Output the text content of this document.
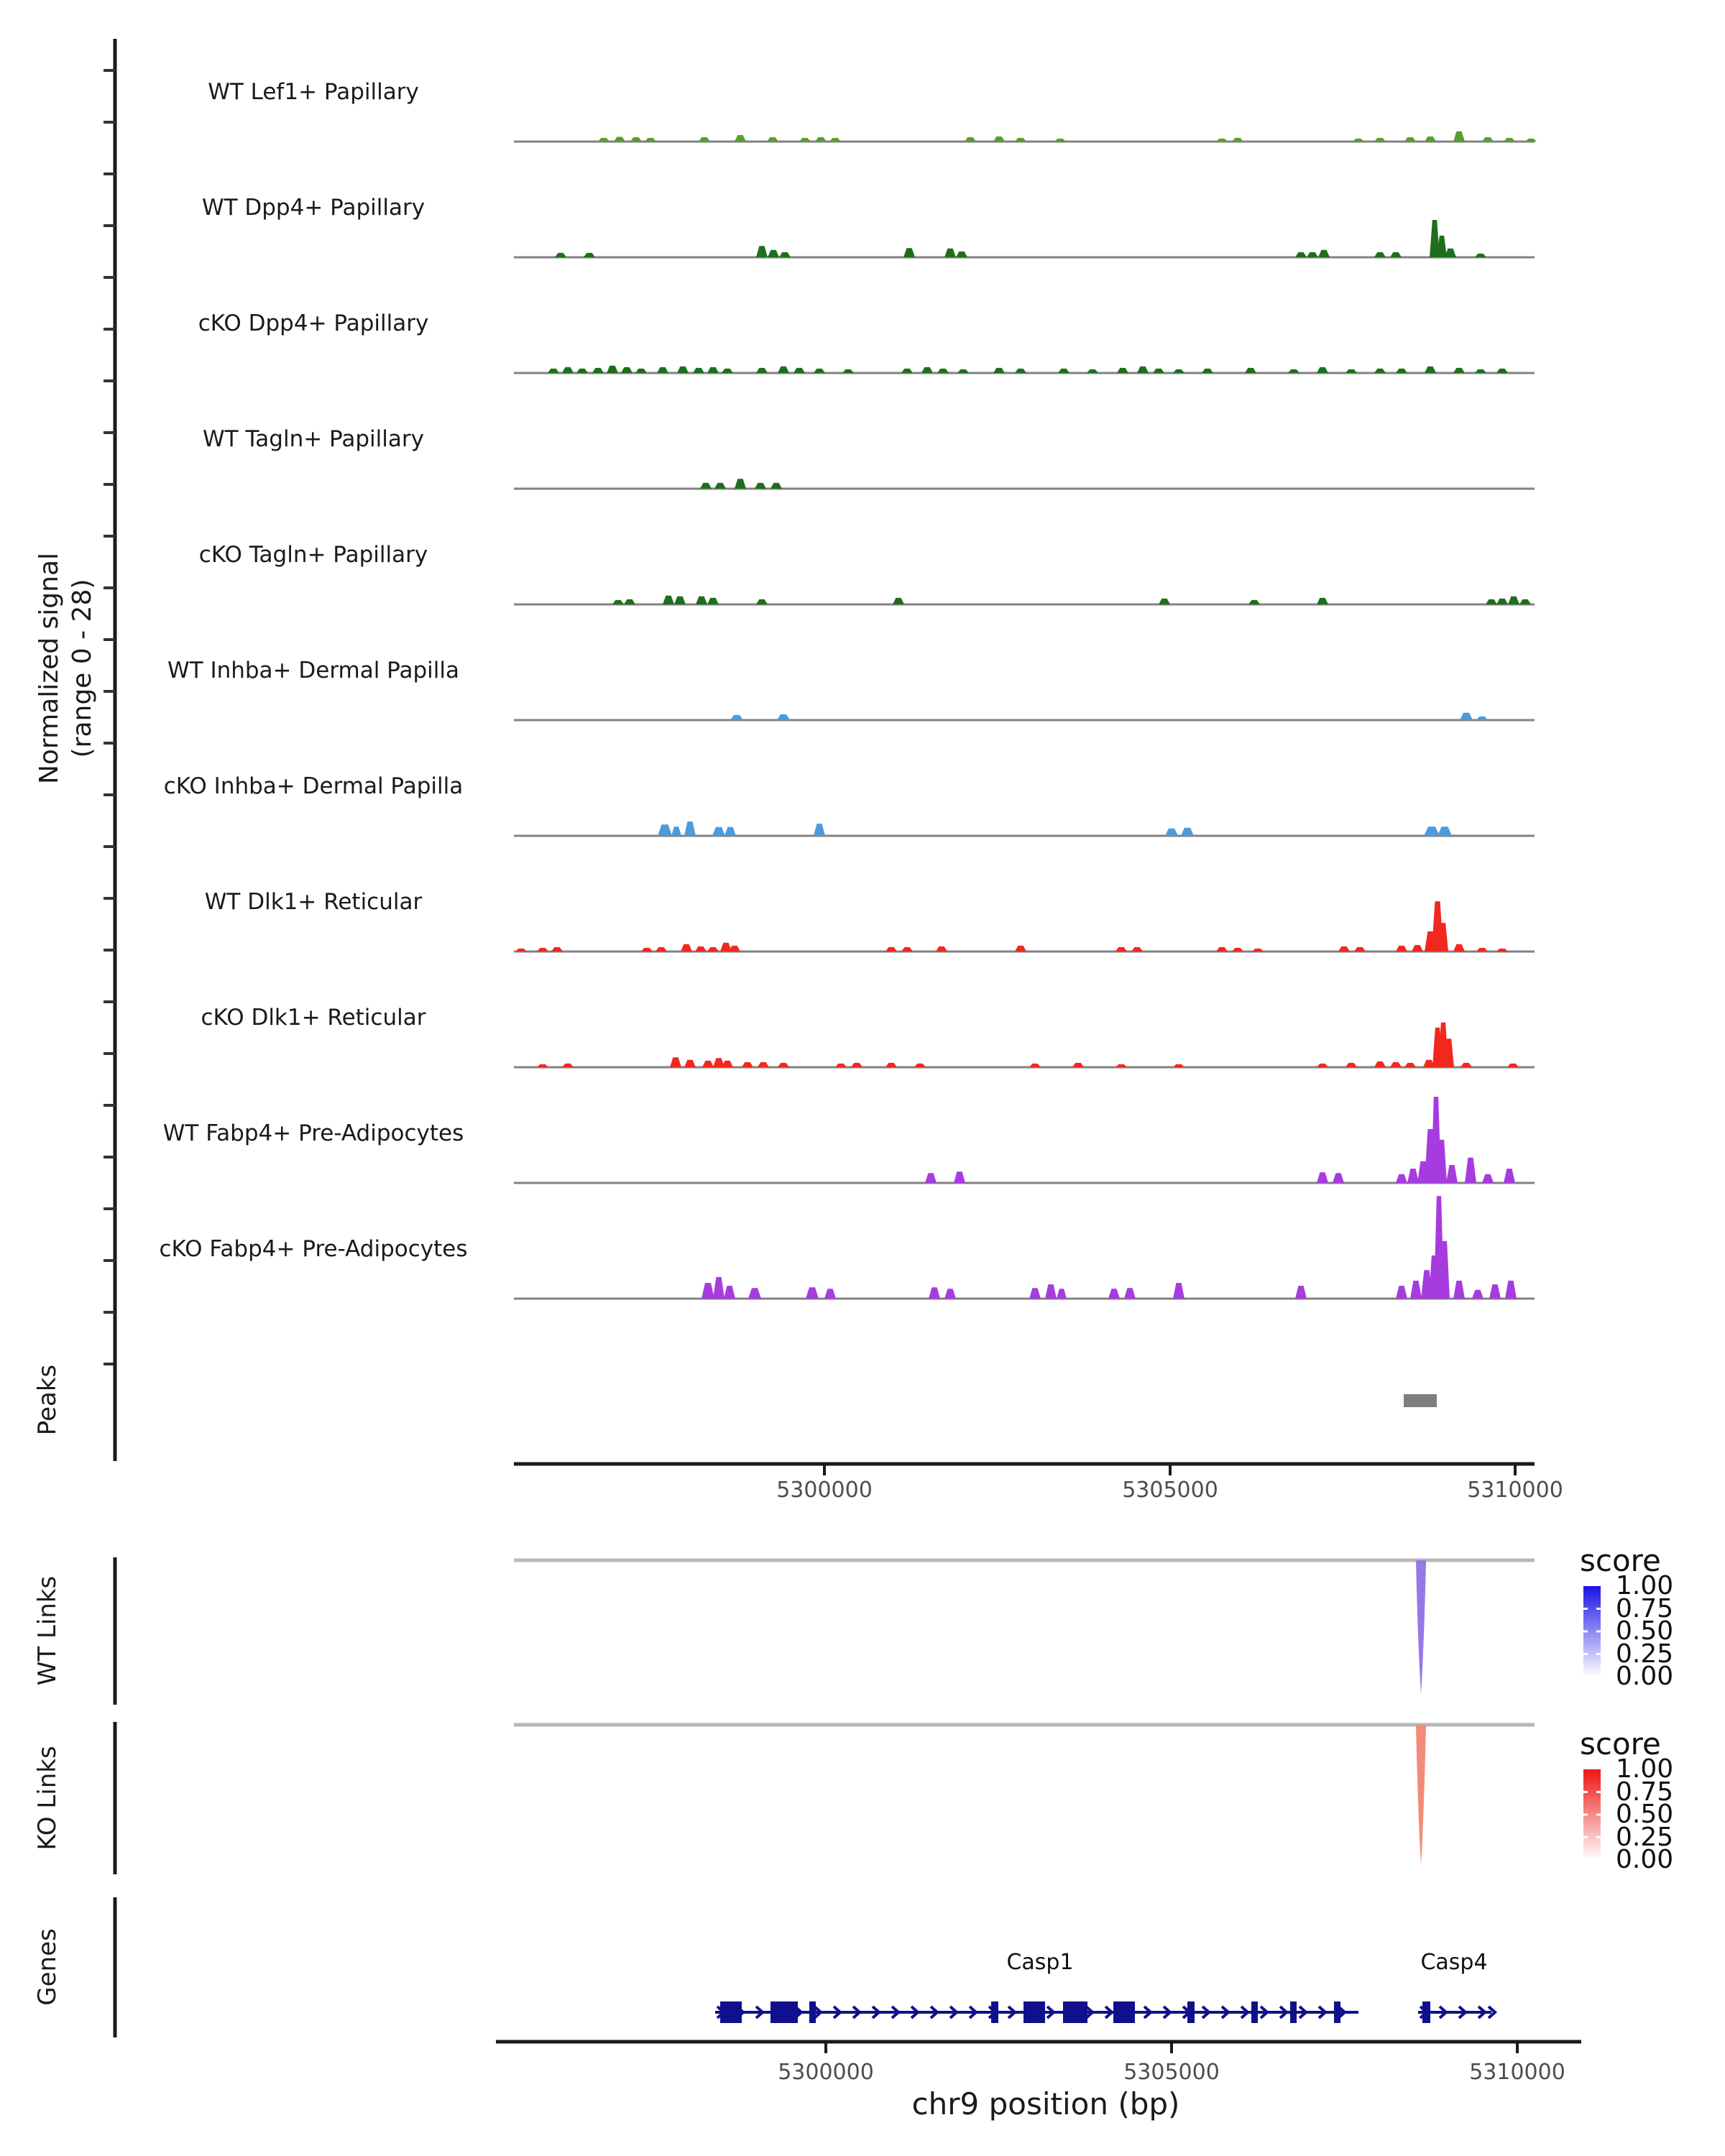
Normalized signal (range 0 - 28)
chr9 position (bp)
Peaks
WT Links
KO Links
Genes
WT Lef1+ Papillary
WT Dpp4+ Papillary
cKO Dpp4+ Papillary
WT Tagln+ Papillary
cKO Tagln+ Papillary
WT Inhba+ Dermal Papilla
cKO Inhba+ Dermal Papilla
WT Dlk1+ Reticular
cKO Dlk1+ Reticular
WT Fabp4+ Pre-Adipocytes
cKO Fabp4+ Pre-Adipocytes
5300000	5305000	5310000
5300000	5305000	5310000
score
1.00
0.75
0.50
0.25
0.00
score
1.00
0.75
0.50
0.25
0.00
Casp1	Casp4
